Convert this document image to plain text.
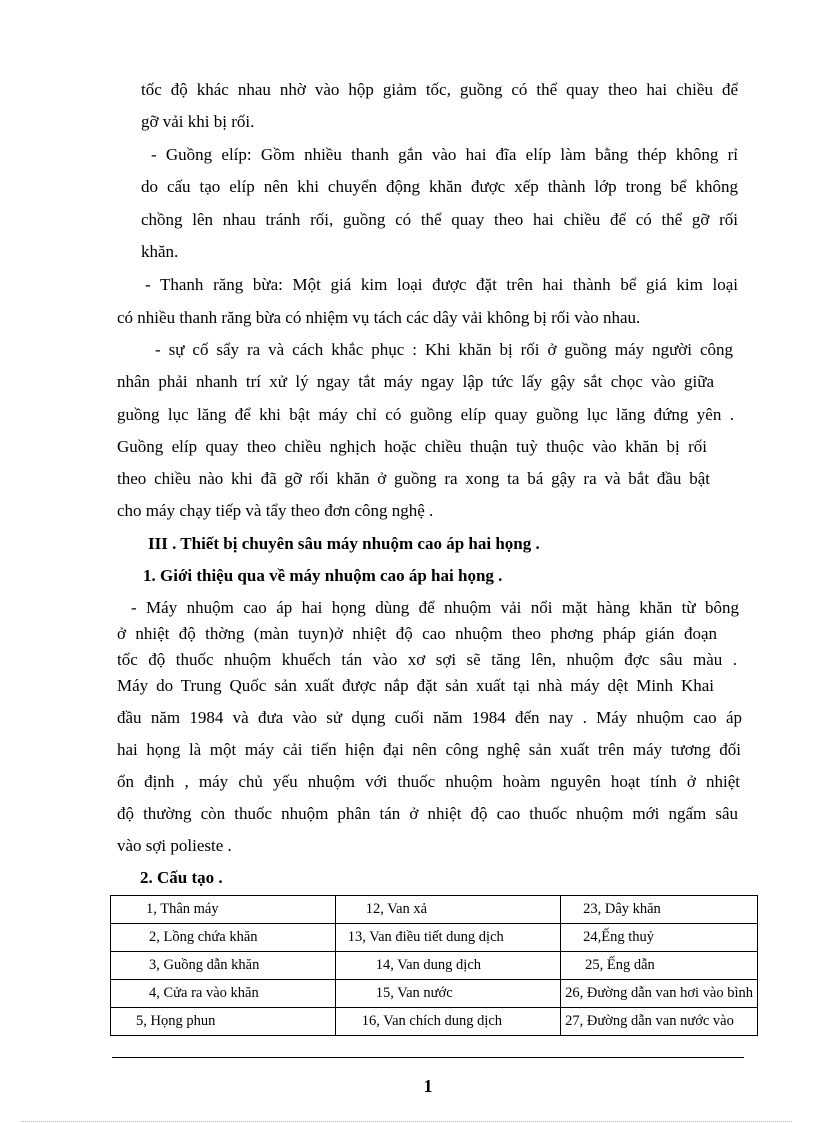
tốc độ khác nhau nhờ vào hộp giảm tốc, guồng có thể quay theo hai chiều để
gỡ vải khi bị rối.
- Guồng elíp: Gồm nhiều thanh gắn vào hai đĩa elíp làm bằng thép không rỉ
do cấu tạo elíp nên khi chuyển động khăn được xếp thành lớp trong bể không
chồng lên nhau tránh rối, guồng có thể quay theo hai chiều để có thể gỡ rối
khăn.
- Thanh răng bừa: Một giá kim loại được đặt trên hai thành bể giá kim loại
có nhiều thanh răng bừa có nhiệm vụ tách các dây vải không bị rối vào nhau.
- sự cố sẩy ra và cách khắc phục : Khi khăn bị rối ở guồng máy người công
nhân phải nhanh trí xử lý ngay tắt máy ngay lập tức lấy gậy sắt chọc vào giữa
guồng lục lăng để khi bật máy chỉ có guồng elíp quay guồng lục lăng đứng yên .
Guồng elíp quay theo chiều nghịch hoặc chiều thuận tuỳ thuộc vào khăn bị rối
theo chiều nào khi đã gỡ rối khăn ở guồng ra xong ta bá gậy ra và bắt đầu bật
cho máy chạy tiếp và tẩy theo đơn công nghệ .
III . Thiết bị chuyên sâu máy nhuộm cao áp hai họng .
1. Giới thiệu qua về máy nhuộm cao áp hai họng .
- Máy nhuộm cao áp hai họng dùng để nhuộm vải nổi mặt hàng khăn từ bông
ở nhiệt độ thờng (màn tuyn)ở nhiệt độ cao nhuộm theo phơng pháp gián đoạn
tốc độ thuốc nhuộm khuếch tán vào xơ sợi sẽ tăng lên, nhuộm đợc sâu màu .
Máy do Trung Quốc sản xuất được nắp đặt sản xuất tại nhà máy dệt Minh Khai
đầu năm 1984 và đưa vào sử dụng cuối năm 1984 đến nay . Máy nhuộm cao áp
hai họng là một máy cải tiến hiện đại nên công nghệ sản xuất trên máy tương đối
ổn định , máy chủ yếu nhuộm với thuốc nhuộm hoàm nguyên hoạt tính ở nhiệt
độ thường còn thuốc nhuộm phân tán ở nhiệt độ cao thuốc nhuộm mới ngấm sâu
vào sợi polieste .
2. Cấu tạo .
1, Thân máy	12, Van xả	23, Dây khăn
2, Lồng chứa khăn	13, Van điều tiết dung dịch	24,Ếng thuỷ
3, Guồng dẫn khăn	14, Van dung dịch	25, Ếng dẫn
4, Cửa ra vào khăn	15, Van nước	26, Đường dẫn van hơi vào bình
5, Họng phun	16, Van chích dung dịch	27, Đường dẫn van nước vào
1
